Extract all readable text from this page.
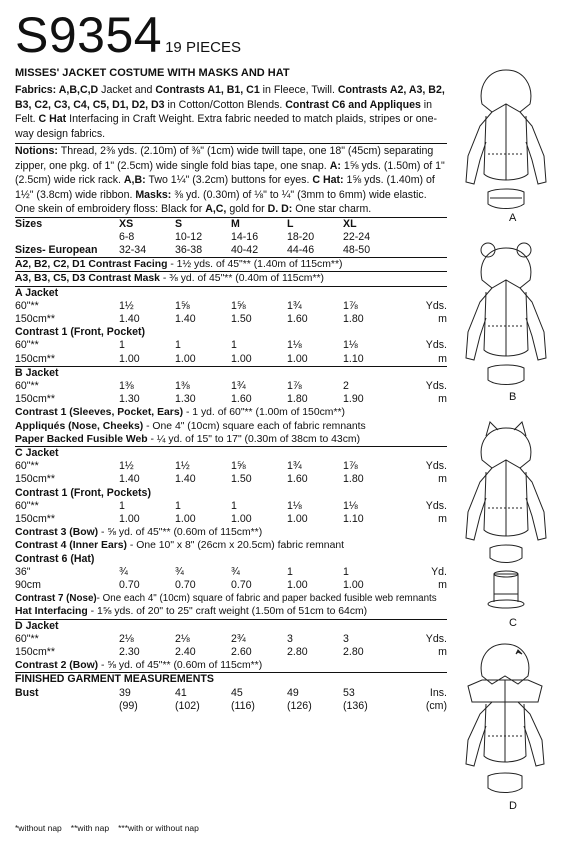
S9354 19 PIECES
MISSES' JACKET COSTUME WITH MASKS AND HAT
Fabrics: A,B,C,D Jacket and Contrasts A1, B1, C1 in Fleece, Twill. Contrasts A2, A3, B2, B3, C2, C3, C4, C5, D1, D2, D3 in Cotton/Cotton Blends. Contrast C6 and Appliques in Felt. C Hat Interfacing in Craft Weight. Extra fabric needed to match plaids, stripes or one-way design fabrics.
Notions: Thread, 2⅜ yds. (2.10m) of ⅜" (1cm) wide twill tape, one 18" (45cm) separating zipper, one pkg. of 1" (2.5cm) wide single fold bias tape, one snap. A: 1⅝ yds. (1.50m) of 1" (2.5cm) wide rick rack. A,B: Two 1¼" (3.2cm) buttons for eyes. C Hat: 1⅝ yds. (1.40m) of 1½" (3.8cm) wide ribbon. Masks: ⅜ yd. (0.30m) of ⅛" to ¼" (3mm to 6mm) wide elastic. One skein of embroidery floss: Black for A,C, gold for D. D: One star charm.
Sizes	XS	S	M	L	XL	
	6-8	10-12	14-16	18-20	22-24	
Sizes- European	32-34	36-38	40-42	44-46	48-50	
A2, B2, C2, D1 Contrast Facing - 1½ yds. of 45"** (1.40m of 115cm**)						
A3, B3, C5, D3 Contrast Mask - ⅜ yd. of 45"** (0.40m of 115cm**)						
A Jacket						
60"**	1½	1⅝	1⅝	1¾	1⅞	Yds.
150cm**	1.40	1.40	1.50	1.60	1.80	m
Contrast 1 (Front, Pocket)						
60"**	1	1	1	1⅛	1⅛	Yds.
150cm**	1.00	1.00	1.00	1.00	1.10	m
B Jacket						
60"**	1⅜	1⅜	1¾	1⅞	2	Yds.
150cm**	1.30	1.30	1.60	1.80	1.90	m
Contrast 1 (Sleeves, Pocket, Ears) - 1 yd. of 60"** (1.00m of 150cm**)						
Appliqués (Nose, Cheeks) - One 4" (10cm) square each of fabric remnants						
Paper Backed Fusible Web - ¼ yd. of 15" to 17" (0.30m of 38cm to 43cm)						
C Jacket						
60"**	1½	1½	1⅝	1¾	1⅞	Yds.
150cm**	1.40	1.40	1.50	1.60	1.80	m
Contrast 1 (Front, Pockets)						
60"**	1	1	1	1⅛	1⅛	Yds.
150cm**	1.00	1.00	1.00	1.00	1.10	m
Contrast 3 (Bow) - ⅝ yd. of 45"** (0.60m of 115cm**)						
Contrast 4 (Inner Ears) - One 10" x 8" (26cm x 20.5cm) fabric remnant						
Contrast 6 (Hat)						
36"	¾	¾	¾	1	1	Yd.
90cm	0.70	0.70	0.70	1.00	1.00	m
Contrast 7 (Nose)- One each 4" (10cm) square of fabric and paper backed fusible web remnants						
Hat Interfacing - 1⅝ yds. of 20" to 25" craft weight (1.50m of 51cm to 64cm)						
D Jacket						
60"**	2⅛	2⅛	2¾	3	3	Yds.
150cm**	2.30	2.40	2.60	2.80	2.80	m
Contrast 2 (Bow) - ⅝ yd. of 45"** (0.60m of 115cm**)						
FINISHED GARMENT MEASUREMENTS						
Bust	39	41	45	49	53	Ins.
	(99)	(102)	(116)	(126)	(136)	(cm)
*without nap **with nap ***with or without nap
A
B
C
D
